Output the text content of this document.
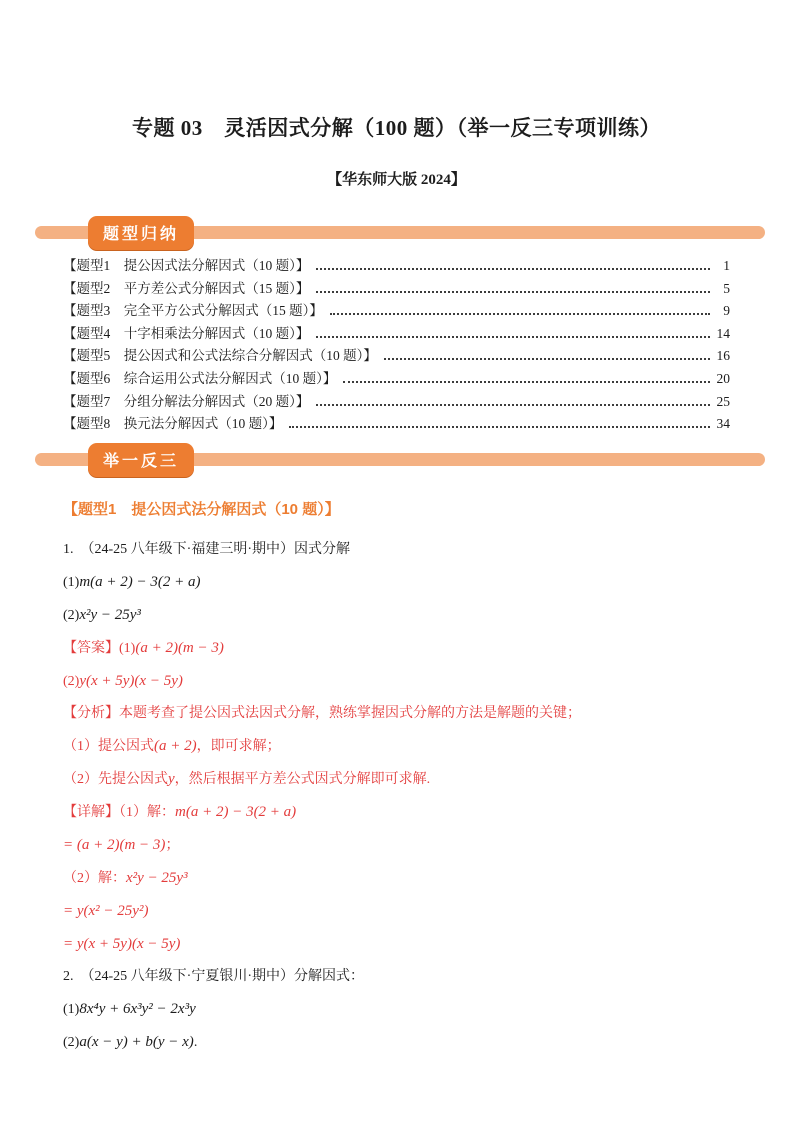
专题 03　灵活因式分解（100 题）（举一反三专项训练）
【华东师大版 2024】
题型归纳
【题型1　提公因式法分解因式（10 题）】	1
【题型2　平方差公式分解因式（15 题）】	5
【题型3　完全平方公式分解因式（15 题）】	9
【题型4　十字相乘法分解因式（10 题）】	14
【题型5　提公因式和公式法综合分解因式（10 题）】	16
【题型6　综合运用公式法分解因式（10 题）】	20
【题型7　分组分解法分解因式（20 题）】	25
【题型8　换元法分解因式（10 题）】	34
举一反三
【题型1　提公因式法分解因式（10 题）】
1.  （24-25 八年级下·福建三明·期中）因式分解
(1)m(a + 2) − 3(2 + a)
(2)x²y − 25y³
【答案】(1)(a + 2)(m − 3)
(2)y(x + 5y)(x − 5y)
【分析】本题考查了提公因式法因式分解，熟练掌握因式分解的方法是解题的关键；
（1）提公因式(a + 2)，即可求解；
（2）先提公因式y，然后根据平方差公式因式分解即可求解.
【详解】（1）解：m(a + 2) − 3(2 + a)
= (a + 2)(m − 3)；
（2）解：x²y − 25y³
= y(x² − 25y²)
= y(x + 5y)(x − 5y)
2.  （24-25 八年级下·宁夏银川·期中）分解因式：
(1)8x⁴y + 6x³y² − 2x³y
(2)a(x − y) + b(y − x).
